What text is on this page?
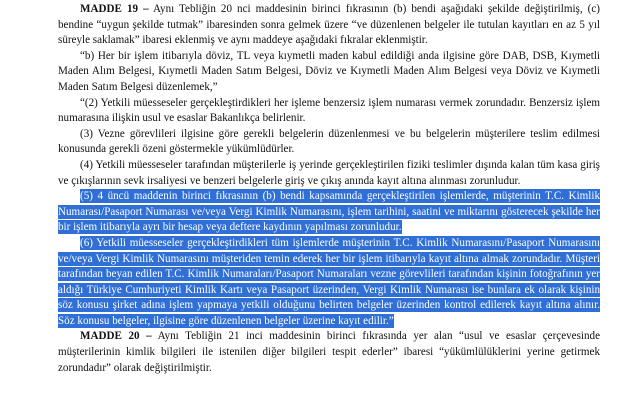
MADDE 19 – Aynı Tebliğin 20 nci maddesinin birinci fıkrasının (b) bendi aşağıdaki şekilde değiştirilmiş, (c) bendine “uygun şekilde tutmak” ibaresinden sonra gelmek üzere “ve düzenlenen belgeler ile tutulan kayıtları en az 5 yıl süreyle saklamak” ibaresi eklenmiş ve aynı maddeye aşağıdaki fıkralar eklenmiştir.

“b) Her bir işlem itibarıyla döviz, TL veya kıymetli maden kabul edildiği anda ilgisine göre DAB, DSB, Kıymetli Maden Alım Belgesi, Kıymetli Maden Satım Belgesi, Döviz ve Kıymetli Maden Alım Belgesi veya Döviz ve Kıymetli Maden Satım Belgesi düzenlemek,”

“(2) Yetkili müesseseler gerçekleştirdikleri her işleme benzersiz işlem numarası vermek zorundadır. Benzersiz işlem numarasına ilişkin usul ve esaslar Bakanlıkça belirlenir.

(3) Vezne görevlileri ilgisine göre gerekli belgelerin düzenlenmesi ve bu belgelerin müşterilere teslim edilmesi konusunda gerekli özeni göstermekle yükümlüdürler.

(4) Yetkili müesseseler tarafından müşterilerle iş yerinde gerçekleştirilen fiziki teslimler dışında kalan tüm kasa giriş ve çıkışlarının sevk irsaliyesi ve benzeri belgelerle giriş ve çıkış anında kayıt altına alınması zorunludur.

(5) 4 üncü maddenin birinci fıkrasının (b) bendi kapsamında gerçekleştirilen işlemlerde, müşterinin T.C. Kimlik Numarası/Pasaport Numarası ve/veya Vergi Kimlik Numarasını, işlem tarihini, saatini ve miktarını gösterecek şekilde her bir işlem itibarıyla ayrı bir hesap veya deftere kaydının yapılması zorunludur.

(6) Yetkili müesseseler gerçekleştirdikleri tüm işlemlerde müşterinin T.C. Kimlik Numarasını/Pasaport Numarasını ve/veya Vergi Kimlik Numarasını müşteriden temin ederek her bir işlem itibarıyla kayıt altına almak zorundadır. Müşteri tarafından beyan edilen T.C. Kimlik Numaraları/Pasaport Numaraları vezne görevlileri tarafından kişinin fotoğrafının yer aldığı Türkiye Cumhuriyeti Kimlik Kartı veya Pasaport üzerinden, Vergi Kimlik Numarası ise bunlara ek olarak kişinin söz konusu şirket adına işlem yapmaya yetkili olduğunu belirten belgeler üzerinden kontrol edilerek kayıt altına alınır. Söz konusu belgeler, ilgisine göre düzenlenen belgeler üzerine kayıt edilir.”

MADDE 20 – Aynı Tebliğin 21 inci maddesinin birinci fıkrasında yer alan “usul ve esaslar çerçevesinde müşterilerinin kimlik bilgileri ile istenilen diğer bilgileri tespit ederler” ibaresi “yükümlülüklerini yerine getirmek zorundadır” olarak değiştirilmiştir.
